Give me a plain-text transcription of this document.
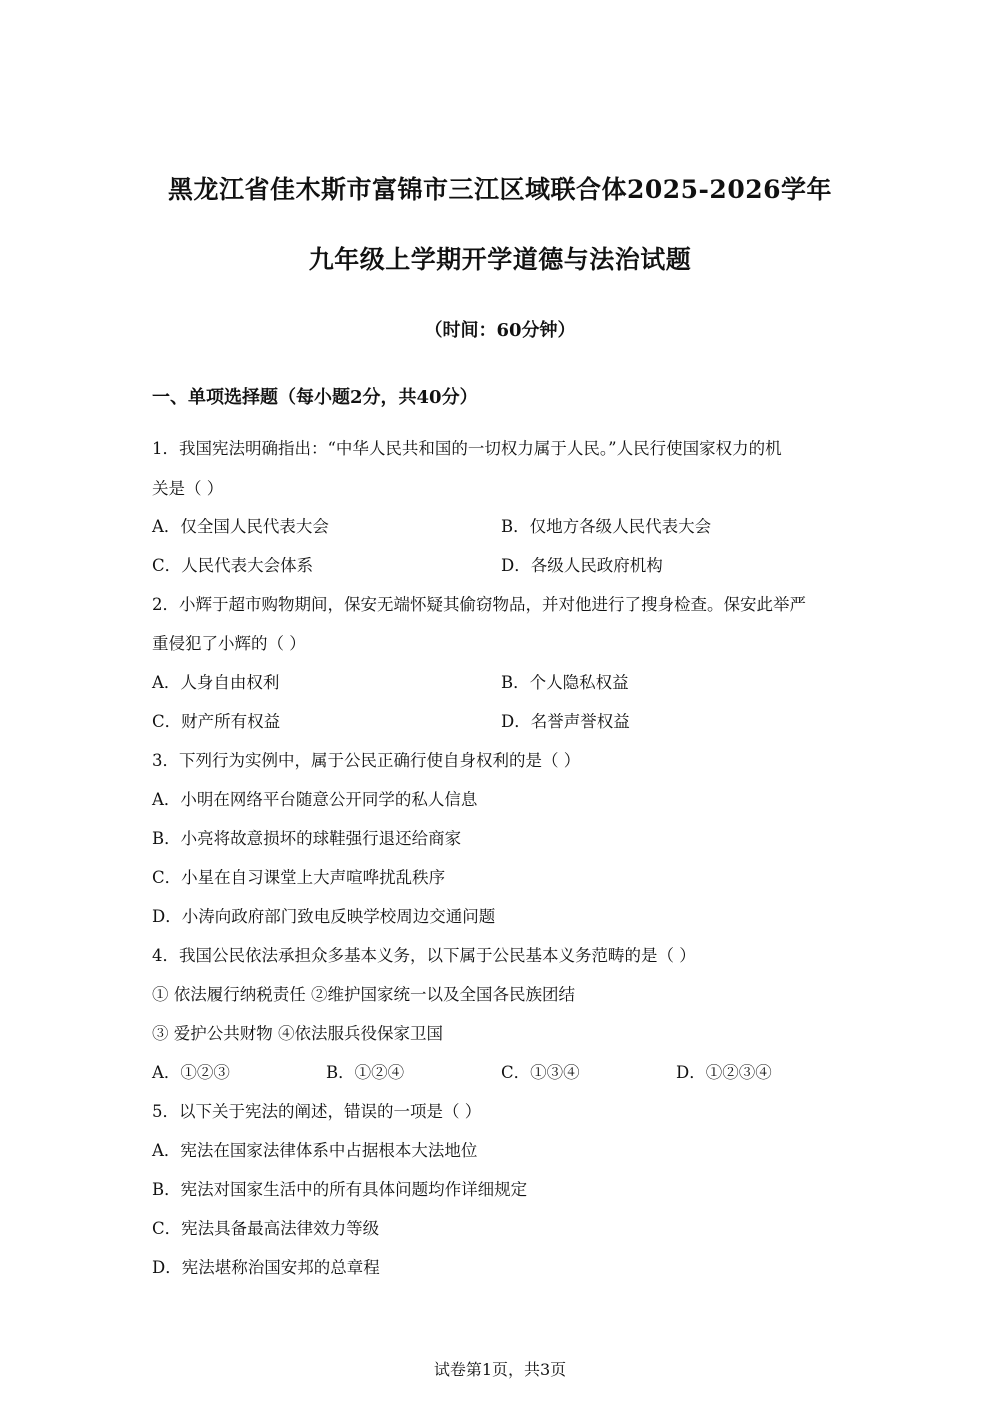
黑龙江省佳木斯市富锦市三江区域联合体2025-2026学年
九年级上学期开学道德与法治试题
（时间：60分钟）
一、单项选择题（每小题2分，共40分）
1．我国宪法明确指出：“中华人民共和国的一切权力属于人民。”人民行使国家权力的机
关是（ ）
A．仅全国人民代表大会	B．仅地方各级人民代表大会
C．人民代表大会体系	D．各级人民政府机构
2．小辉于超市购物期间，保安无端怀疑其偷窃物品，并对他进行了搜身检查。保安此举严
重侵犯了小辉的（ ）
A．人身自由权利	B．个人隐私权益
C．财产所有权益	D．名誉声誉权益
3．下列行为实例中，属于公民正确行使自身权利的是（ ）
A．小明在网络平台随意公开同学的私人信息
B．小亮将故意损坏的球鞋强行退还给商家
C．小星在自习课堂上大声喧哗扰乱秩序
D．小涛向政府部门致电反映学校周边交通问题
4．我国公民依法承担众多基本义务，以下属于公民基本义务范畴的是（ ）
① 依法履行纳税责任 ②维护国家统一以及全国各民族团结
③ 爱护公共财物 ④依法服兵役保家卫国
A．①②③	B．①②④	C．①③④	D．①②③④
5．以下关于宪法的阐述，错误的一项是（ ）
A．宪法在国家法律体系中占据根本大法地位
B．宪法对国家生活中的所有具体问题均作详细规定
C．宪法具备最高法律效力等级
D．宪法堪称治国安邦的总章程
试卷第1页，共3页
